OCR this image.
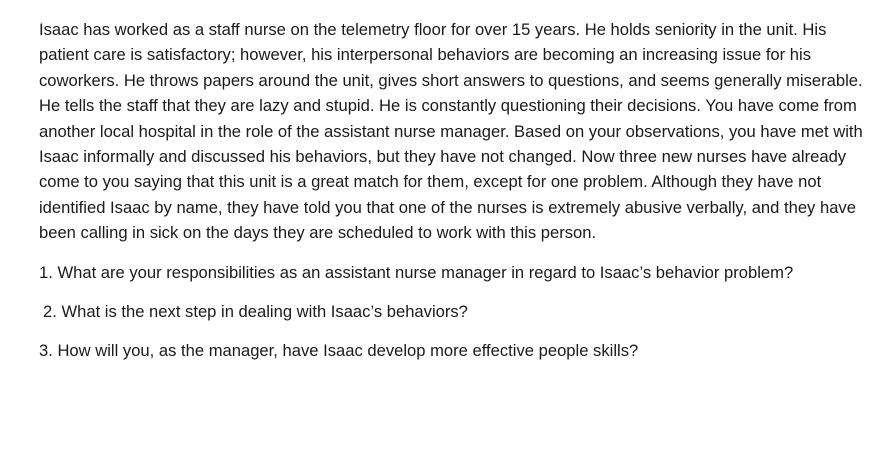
Isaac has worked as a staff nurse on the telemetry floor for over 15 years. He holds seniority in the unit. His patient care is satisfactory; however, his interpersonal behaviors are becoming an increasing issue for his coworkers. He throws papers around the unit, gives short answers to questions, and seems generally miserable. He tells the staff that they are lazy and stupid. He is constantly questioning their decisions. You have come from another local hospital in the role of the assistant nurse manager. Based on your observations, you have met with Isaac informally and discussed his behaviors, but they have not changed. Now three new nurses have already come to you saying that this unit is a great match for them, except for one problem. Although they have not identified Isaac by name, they have told you that one of the nurses is extremely abusive verbally, and they have been calling in sick on the days they are scheduled to work with this person.

1. What are your responsibilities as an assistant nurse manager in regard to Isaac’s behavior problem?

2. What is the next step in dealing with Isaac’s behaviors?

3. How will you, as the manager, have Isaac develop more effective people skills?
